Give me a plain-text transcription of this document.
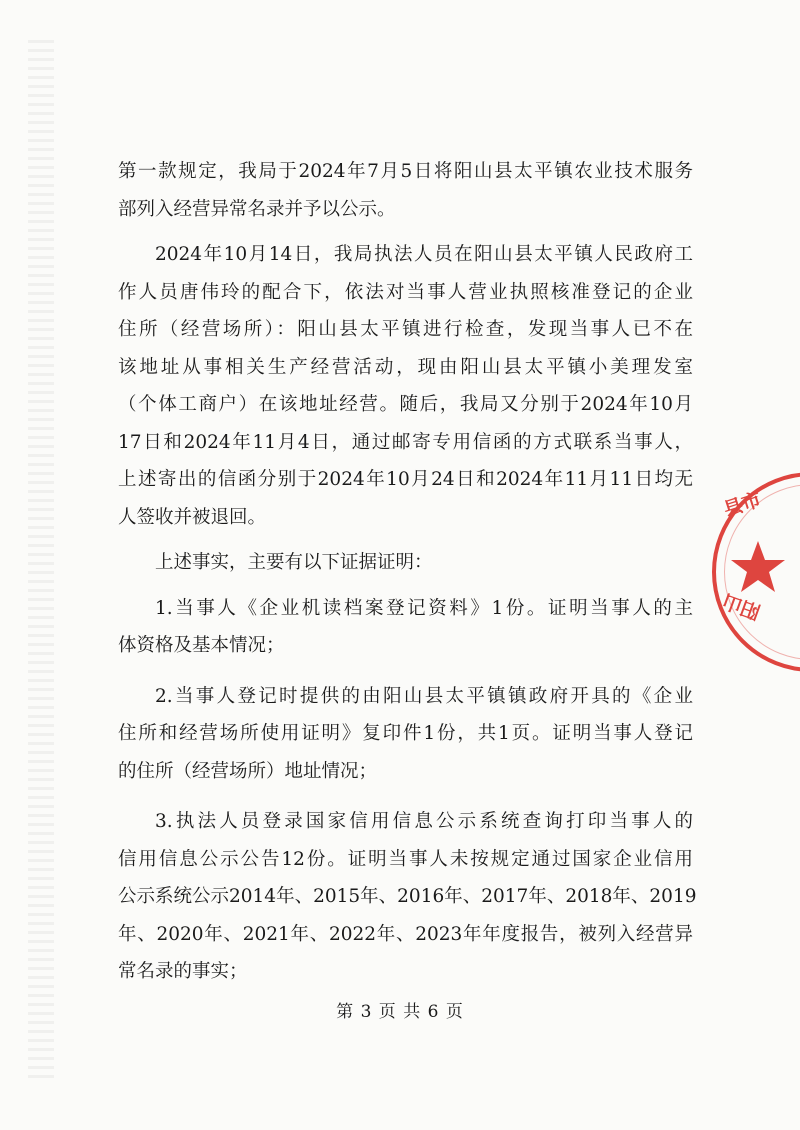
第一款规定，我局于2024年7月5日将阳山县太平镇农业技术服务
部列入经营异常名录并予以公示。
2024年10月14日，我局执法人员在阳山县太平镇人民政府工
作人员唐伟玲的配合下，依法对当事人营业执照核准登记的企业
住所（经营场所）：阳山县太平镇进行检查，发现当事人已不在
该地址从事相关生产经营活动，现由阳山县太平镇小美理发室
（个体工商户）在该地址经营。随后，我局又分别于2024年10月
17日和2024年11月4日，通过邮寄专用信函的方式联系当事人，
上述寄出的信函分别于2024年10月24日和2024年11月11日均无
人签收并被退回。
上述事实，主要有以下证据证明：
1.当事人《企业机读档案登记资料》1份。证明当事人的主
体资格及基本情况；
2.当事人登记时提供的由阳山县太平镇镇政府开具的《企业
住所和经营场所使用证明》复印件1份，共1页。证明当事人登记
的住所（经营场所）地址情况；
3.执法人员登录国家信用信息公示系统查询打印当事人的
信用信息公示公告12份。证明当事人未按规定通过国家企业信用
公示系统公示2014年、2015年、2016年、2017年、2018年、2019
年、2020年、2021年、2022年、2023年年度报告，被列入经营异
常名录的事实；
第 3 页 共 6 页
县市
阳山
